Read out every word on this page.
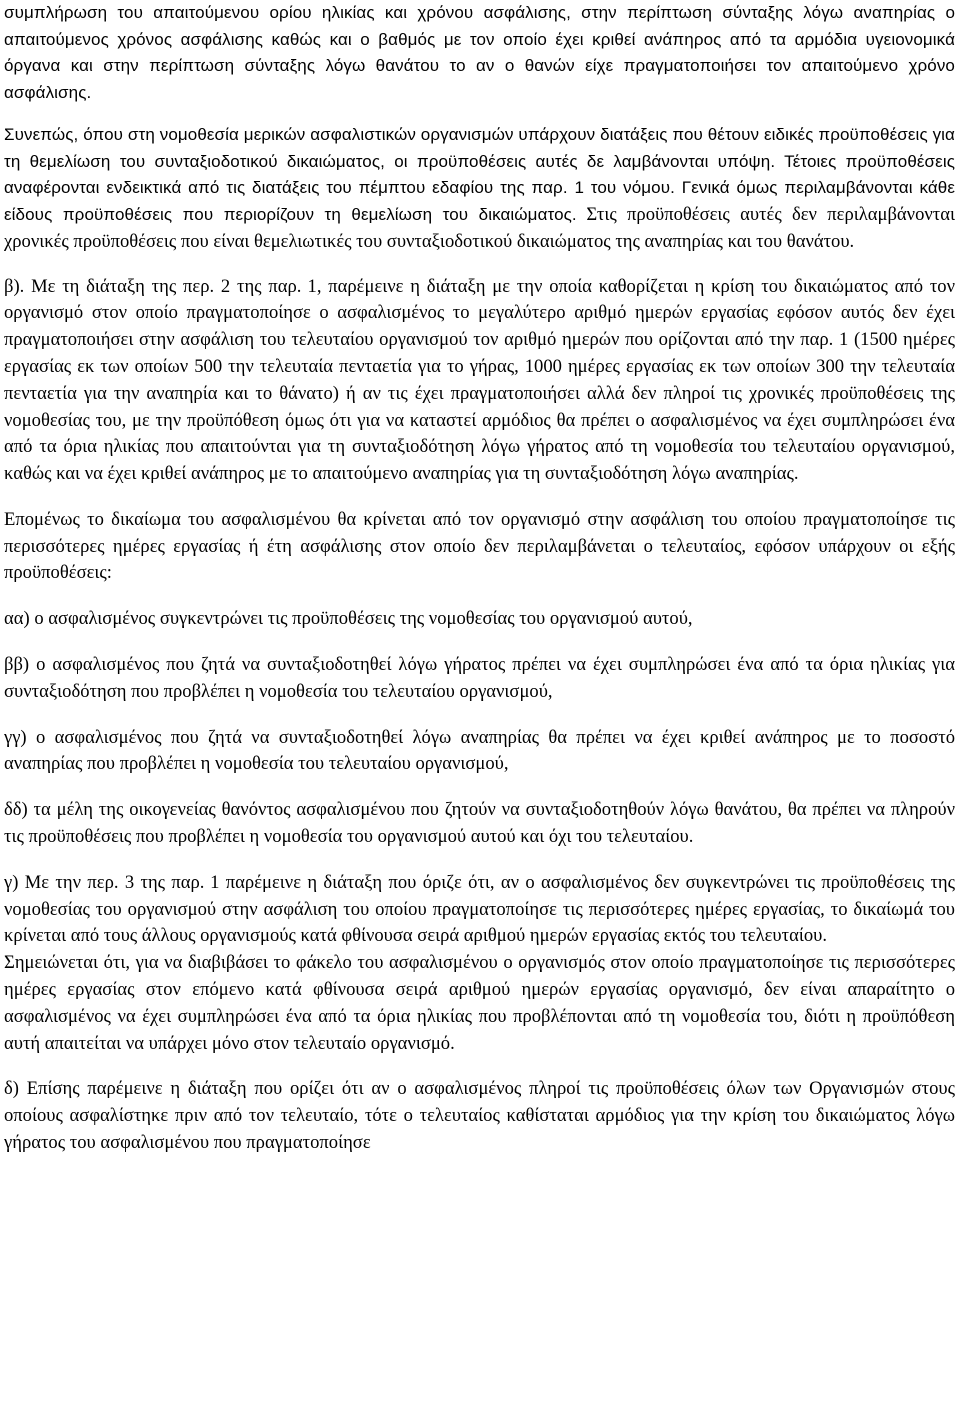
συμπλήρωση του απαιτούμενου ορίου ηλικίας και χρόνου ασφάλισης, στην περίπτωση σύνταξης λόγω αναπηρίας ο απαιτούμενος χρόνος ασφάλισης καθώς και ο βαθμός με τον οποίο έχει κριθεί ανάπηρος από τα αρμόδια υγειονομικά όργανα και στην περίπτωση σύνταξης λόγω θανάτου το αν ο θανών είχε πραγματοποιήσει τον απαιτούμενο χρόνο ασφάλισης.

Συνεπώς, όπου στη νομοθεσία μερικών ασφαλιστικών οργανισμών υπάρχουν διατάξεις που θέτουν ειδικές προϋποθέσεις για τη θεμελίωση του συνταξιοδοτικού δικαιώματος, οι προϋποθέσεις αυτές δε λαμβάνονται υπόψη. Τέτοιες προϋποθέσεις αναφέρονται ενδεικτικά από τις διατάξεις του πέμπτου εδαφίου της παρ. 1 του νόμου. Γενικά όμως περιλαμβάνονται κάθε είδους προϋποθέσεις που περιορίζουν τη θεμελίωση του δικαιώματος. Στις προϋποθέσεις αυτές δεν περιλαμβάνονται χρονικές προϋποθέσεις που είναι θεμελιωτικές του συνταξιοδοτικού δικαιώματος της αναπηρίας και του θανάτου.

β). Με τη διάταξη της περ. 2 της παρ. 1, παρέμεινε η διάταξη με την οποία καθορίζεται η κρίση του δικαιώματος από τον οργανισμό στον οποίο πραγματοποίησε ο ασφαλισμένος το μεγαλύτερο αριθμό ημερών εργασίας εφόσον αυτός δεν έχει πραγματοποιήσει στην ασφάλιση του τελευταίου οργανισμού τον αριθμό ημερών που ορίζονται από την παρ. 1 (1500 ημέρες εργασίας εκ των οποίων 500 την τελευταία πενταετία για το γήρας, 1000 ημέρες εργασίας εκ των οποίων 300 την τελευταία πενταετία για την αναπηρία και το θάνατο) ή αν τις έχει πραγματοποιήσει αλλά δεν πληροί τις χρονικές προϋποθέσεις της νομοθεσίας του, με την προϋπόθεση όμως ότι για να καταστεί αρμόδιος θα πρέπει ο ασφαλισμένος να έχει συμπληρώσει ένα από τα όρια ηλικίας που απαιτούνται για τη συνταξιοδότηση λόγω γήρατος από τη νομοθεσία του τελευταίου οργανισμού, καθώς και να έχει κριθεί ανάπηρος με το απαιτούμενο αναπηρίας για τη συνταξιοδότηση λόγω αναπηρίας.

Επομένως το δικαίωμα του ασφαλισμένου θα κρίνεται από τον οργανισμό στην ασφάλιση του οποίου πραγματοποίησε τις περισσότερες ημέρες εργασίας ή έτη ασφάλισης στον οποίο δεν περιλαμβάνεται ο τελευταίος, εφόσον υπάρχουν οι εξής προϋποθέσεις:

αα) ο ασφαλισμένος συγκεντρώνει τις προϋποθέσεις της νομοθεσίας του οργανισμού αυτού,

ββ) ο ασφαλισμένος που ζητά να συνταξιοδοτηθεί λόγω γήρατος πρέπει να έχει συμπληρώσει ένα από τα όρια ηλικίας για συνταξιοδότηση που προβλέπει η νομοθεσία του τελευταίου οργανισμού,

γγ) ο ασφαλισμένος που ζητά να συνταξιοδοτηθεί λόγω αναπηρίας θα πρέπει να έχει κριθεί ανάπηρος με το ποσοστό αναπηρίας που προβλέπει η νομοθεσία του τελευταίου οργανισμού,

δδ) τα μέλη της οικογενείας θανόντος ασφαλισμένου που ζητούν να συνταξιοδοτηθούν λόγω θανάτου, θα πρέπει να πληρούν τις προϋποθέσεις που προβλέπει η νομοθεσία του οργανισμού αυτού και όχι του τελευταίου.

γ) Με την περ. 3 της παρ. 1 παρέμεινε η διάταξη που όριζε ότι, αν ο ασφαλισμένος δεν συγκεντρώνει τις προϋποθέσεις της νομοθεσίας του οργανισμού στην ασφάλιση του οποίου πραγματοποίησε τις περισσότερες ημέρες εργασίας, το δικαίωμά του κρίνεται από τους άλλους οργανισμούς κατά φθίνουσα σειρά αριθμού ημερών εργασίας εκτός του τελευταίου.

Σημειώνεται ότι, για να διαβιβάσει το φάκελο του ασφαλισμένου ο οργανισμός στον οποίο πραγματοποίησε τις περισσότερες ημέρες εργασίας στον επόμενο κατά φθίνουσα σειρά αριθμού ημερών εργασίας οργανισμό, δεν είναι απαραίτητο ο ασφαλισμένος να έχει συμπληρώσει ένα από τα όρια ηλικίας που προβλέπονται από τη νομοθεσία του, διότι η προϋπόθεση αυτή απαιτείται να υπάρχει μόνο στον τελευταίο οργανισμό.

δ) Επίσης παρέμεινε η διάταξη που ορίζει ότι αν ο ασφαλισμένος πληροί τις προϋποθέσεις όλων των Οργανισμών στους οποίους ασφαλίστηκε πριν από τον τελευταίο, τότε ο τελευταίος καθίσταται αρμόδιος για την κρίση του δικαιώματος λόγω γήρατος του ασφαλισμένου που πραγματοποίησε
